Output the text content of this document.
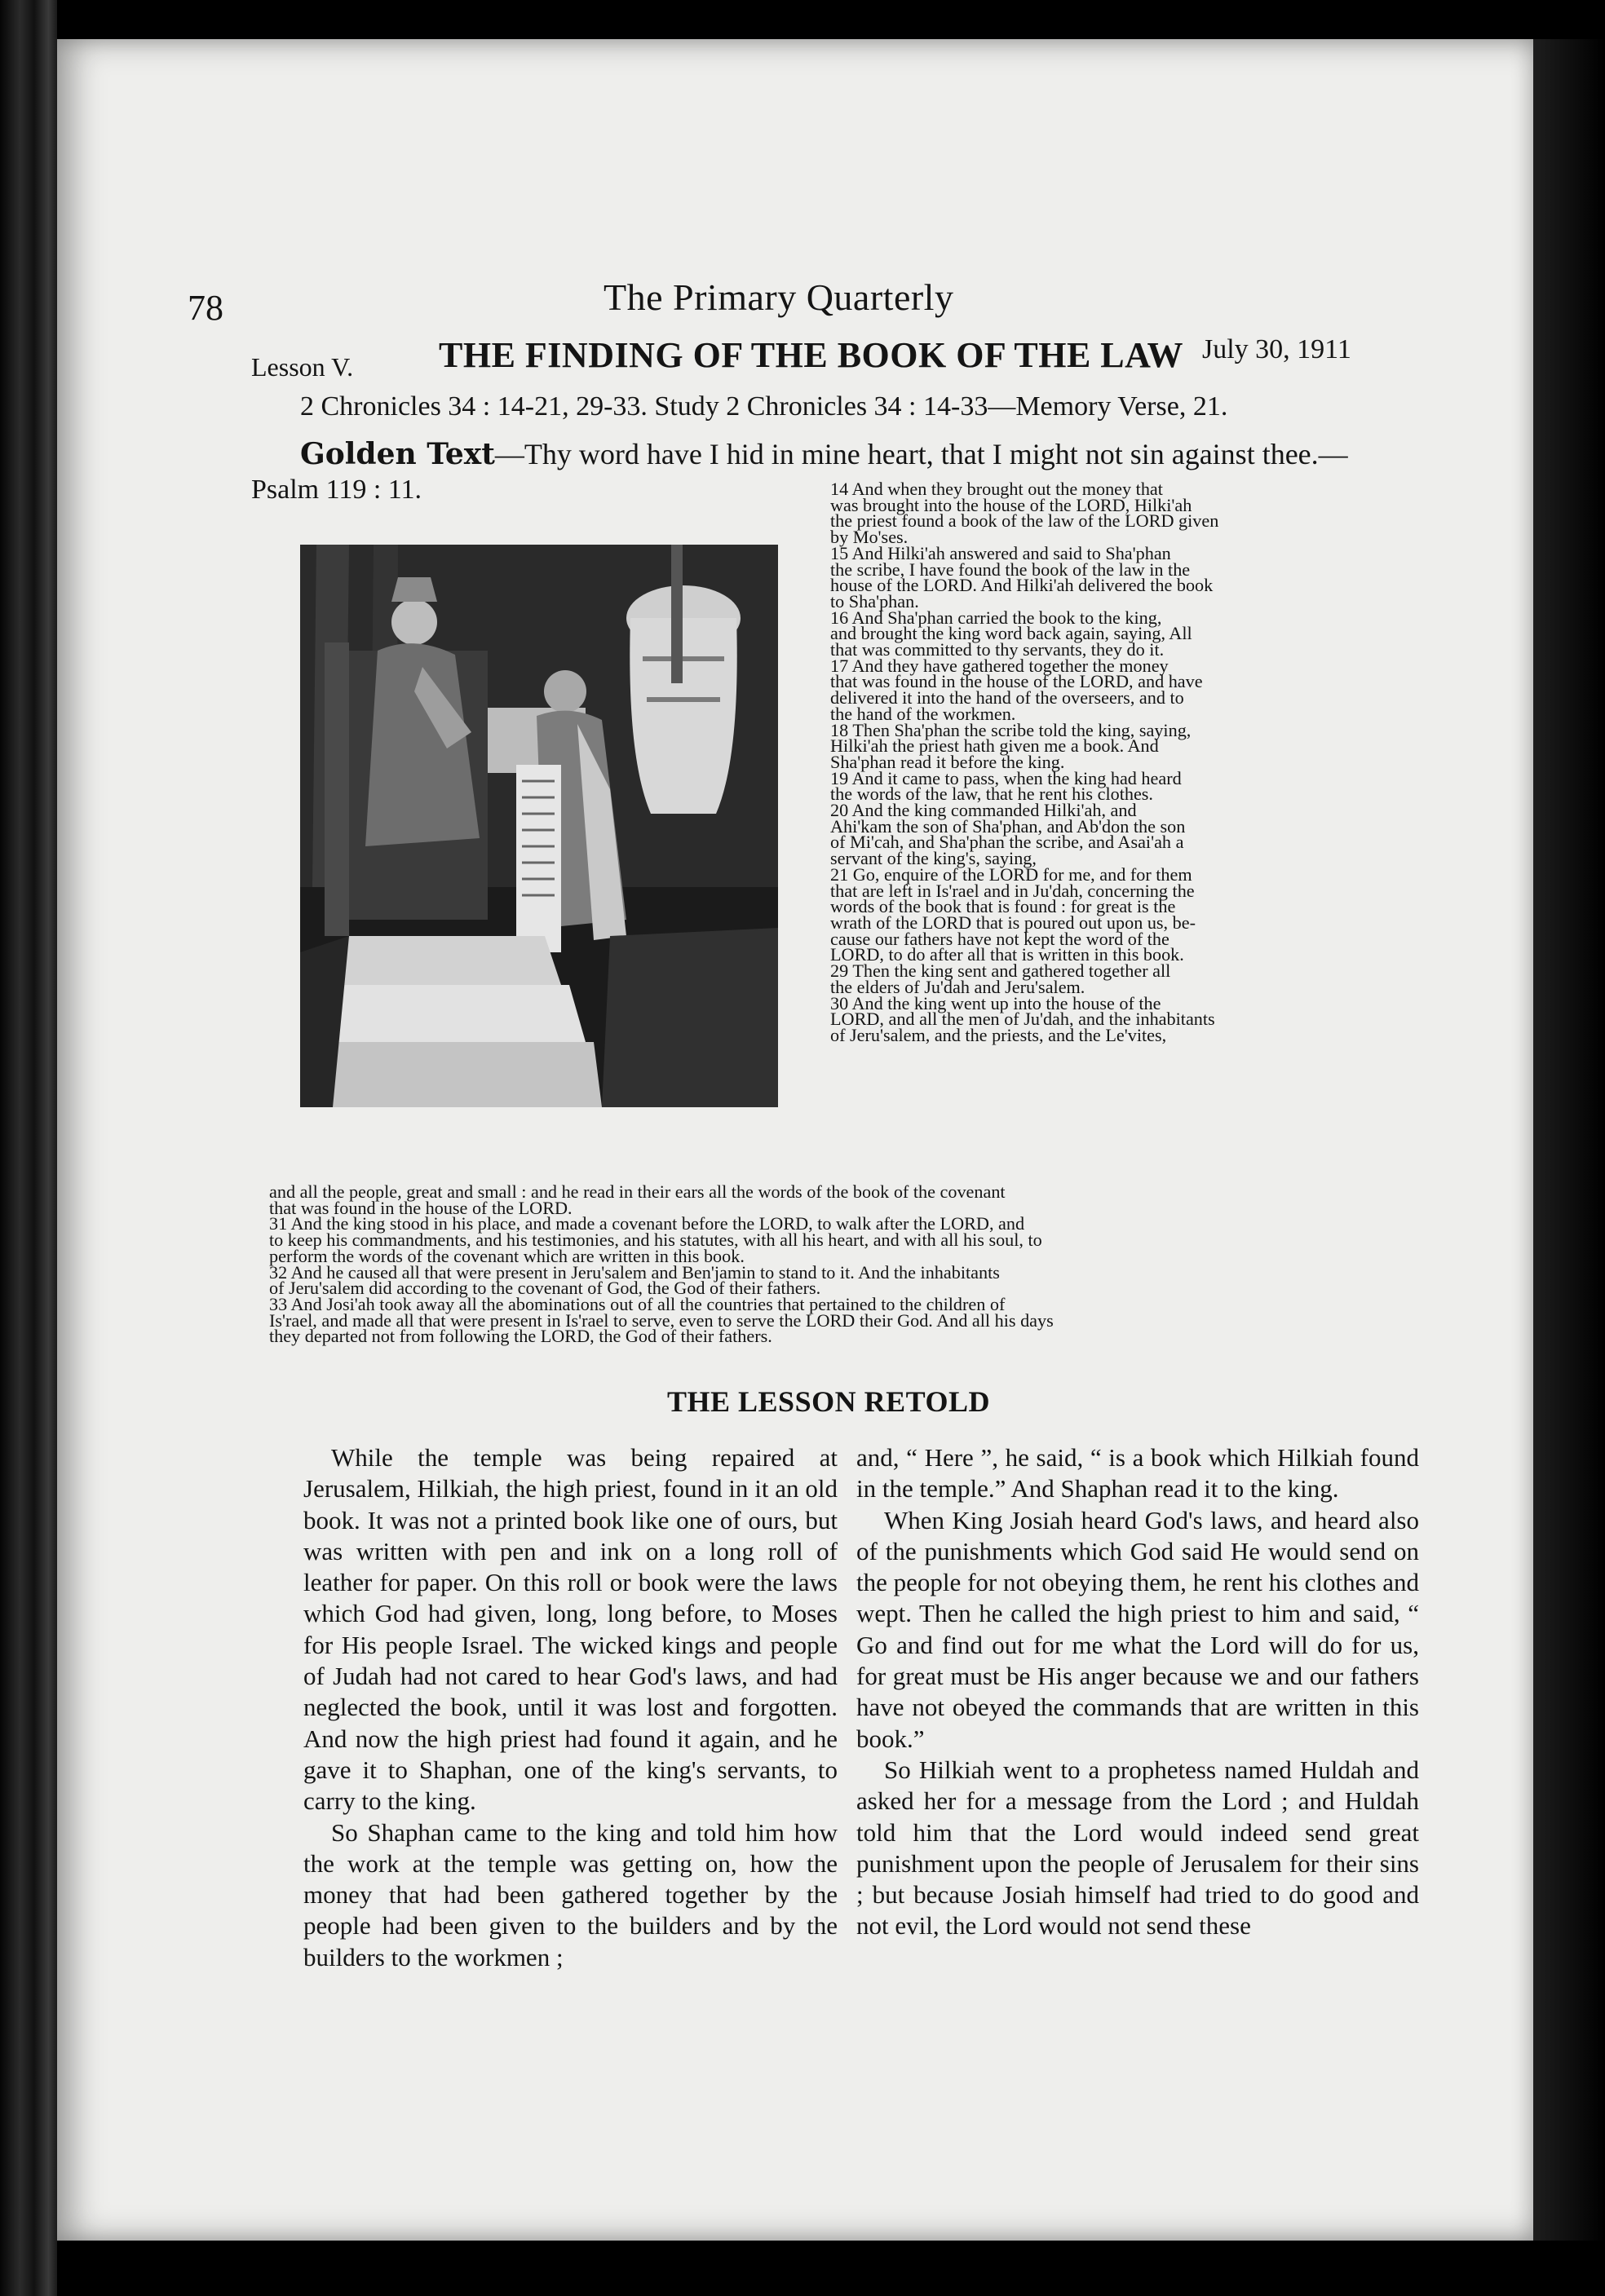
78	The Primary Quarterly
Lesson V. THE FINDING OF THE BOOK OF THE LAW July 30, 1911
2 Chronicles 34 : 14-21, 29-33. Study 2 Chronicles 34 : 14-33—Memory Verse, 21.
Golden Text—Thy word have I hid in mine heart, that I might not sin against thee.—
Psalm 119 : 11.	14 And when they brought out the money that
was brought into the house of the LORD, Hilki'ah
the priest found a book of the law of the LORD given
by Mo'ses.
15 And Hilki'ah answered and said to Sha'phan
the scribe, I have found the book of the law in the
house of the LORD. And Hilki'ah delivered the book
to Sha'phan.
16 And Sha'phan carried the book to the king,
and brought the king word back again, saying, All
that was committed to thy servants, they do it.
17 And they have gathered together the money
that was found in the house of the LORD, and have
delivered it into the hand of the overseers, and to
the hand of the workmen.
18 Then Sha'phan the scribe told the king, saying,
Hilki'ah the priest hath given me a book. And
Sha'phan read it before the king.
19 And it came to pass, when the king had heard
the words of the law, that he rent his clothes.
20 And the king commanded Hilki'ah, and
Ahi'kam the son of Sha'phan, and Ab'don the son
of Mi'cah, and Sha'phan the scribe, and Asai'ah a
servant of the king's, saying,
21 Go, enquire of the LORD for me, and for them
that are left in Is'rael and in Ju'dah, concerning the
words of the book that is found : for great is the
wrath of the LORD that is poured out upon us, be-
cause our fathers have not kept the word of the
LORD, to do after all that is written in this book.
29 Then the king sent and gathered together all
the elders of Ju'dah and Jeru'salem.
30 And the king went up into the house of the
LORD, and all the men of Ju'dah, and the inhabitants
of Jeru'salem, and the priests, and the Le'vites,
and all the people, great and small : and he read in their ears all the words of the book of the covenant
that was found in the house of the LORD.
31 And the king stood in his place, and made a covenant before the LORD, to walk after the LORD, and
to keep his commandments, and his testimonies, and his statutes, with all his heart, and with all his soul, to
perform the words of the covenant which are written in this book.
32 And he caused all that were present in Jeru'salem and Ben'jamin to stand to it. And the inhabitants
of Jeru'salem did according to the covenant of God, the God of their fathers.
33 And Josi'ah took away all the abominations out of all the countries that pertained to the children of
Is'rael, and made all that were present in Is'rael to serve, even to serve the LORD their God. And all his days
they departed not from following the LORD, the God of their fathers.
THE LESSON RETOLD

While the temple was being repaired at Jerusalem, Hilkiah, the high priest, found in it an old book. It was not a printed book like one of ours, but was written with pen and ink on a long roll of leather for paper. On this roll or book were the laws which God had given, long, long before, to Moses for His people Israel. The wicked kings and people of Judah had not cared to hear God's laws, and had neglected the book, until it was lost and forgotten. And now the high priest had found it again, and he gave it to Shaphan, one of the king's servants, to carry to the king.

So Shaphan came to the king and told him how the work at the temple was getting on, how the money that had been gathered together by the people had been given to the builders and by the builders to the workmen ;

and, “ Here ”, he said, “ is a book which Hilkiah found in the temple.” And Shaphan read it to the king.

When King Josiah heard God's laws, and heard also of the punishments which God said He would send on the people for not obeying them, he rent his clothes and wept. Then he called the high priest to him and said, “ Go and find out for me what the Lord will do for us, for great must be His anger because we and our fathers have not obeyed the commands that are written in this book.”

So Hilkiah went to a prophetess named Huldah and asked her for a message from the Lord ; and Huldah told him that the Lord would indeed send great punishment upon the people of Jerusalem for their sins ; but because Josiah himself had tried to do good and not evil, the Lord would not send these
